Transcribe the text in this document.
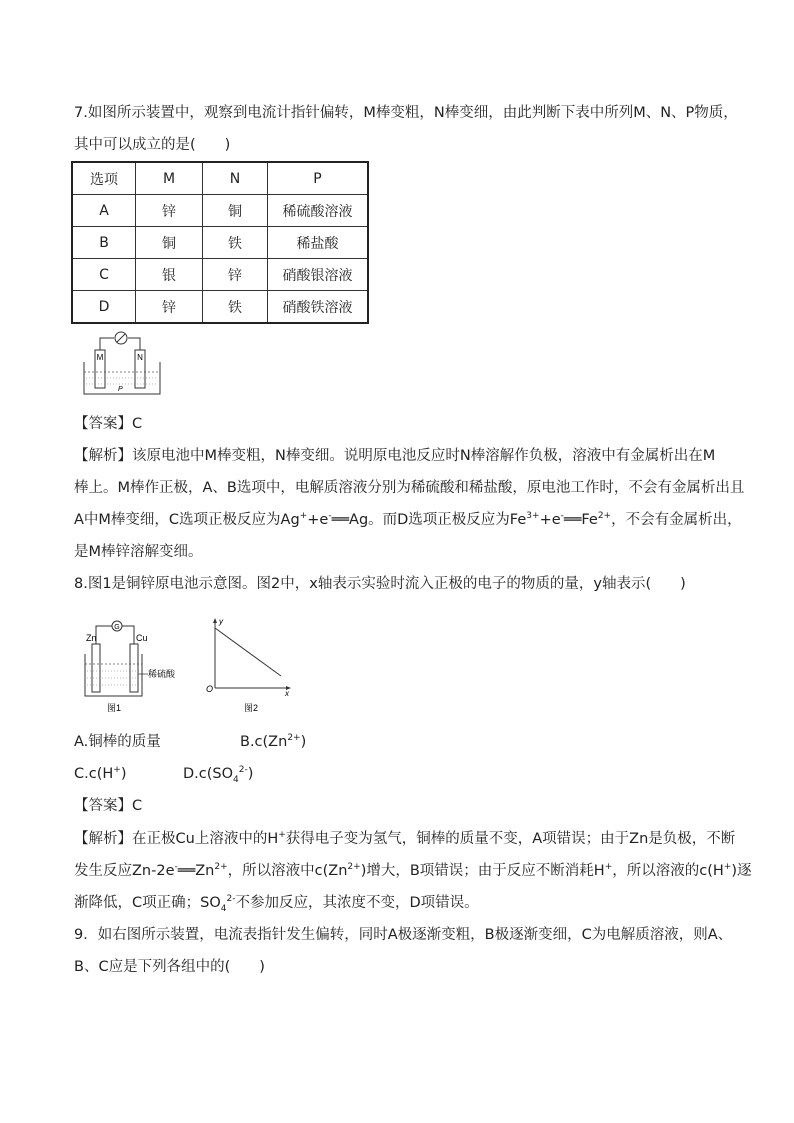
7.如图所示装置中，观察到电流计指针偏转，M棒变粗，N棒变细，由此判断下表中所列M、N、P物质，
其中可以成立的是(　　)
选项	M	N	P
A	锌	铜	稀硫酸溶液
B	铜	铁	稀盐酸
C	银	锌	硝酸银溶液
D	锌	铁	硝酸铁溶液
M	N
P
【答案】C
【解析】该原电池中M棒变粗，N棒变细。说明原电池反应时N棒溶解作负极，溶液中有金属析出在M
棒上。M棒作正极，A、B选项中，电解质溶液分别为稀硫酸和稀盐酸，原电池工作时，不会有金属析出且
A中M棒变细，C选项正极反应为Ag++e-══Ag。而D选项正极反应为$Fe^{3+}+e^-══Fe^{2+}$，不会有金属析出，
是M棒锌溶解变细。
8.图1是铜锌原电池示意图。图2中，x轴表示实验时流入正极的电子的物质的量，y轴表示(　　)
G
Zn	Cu
稀硫酸
图1
y
x
O
图2
A.铜棒的质量	$B.c(Zn^{2+})$
C.c(H+)	$D.c(SO_4^{2-})$
【答案】C
【解析】在正极Cu上溶液中的H+获得电子变为氢气，铜棒的质量不变，A项错误；由于Zn是负极，不断
发生反应$Zn-2e^-══Zn^{2+}$，所以溶液中$c(Zn^{2+})$增大，B项错误；由于反应不断消耗H+，所以溶液的c(H+)逐
渐降低，C项正确；$SO_4^{2-}$不参加反应，其浓度不变，D项错误。
9．如右图所示装置，电流表指针发生偏转，同时A极逐渐变粗，B极逐渐变细，C为电解质溶液，则A、
B、C应是下列各组中的(　　)
